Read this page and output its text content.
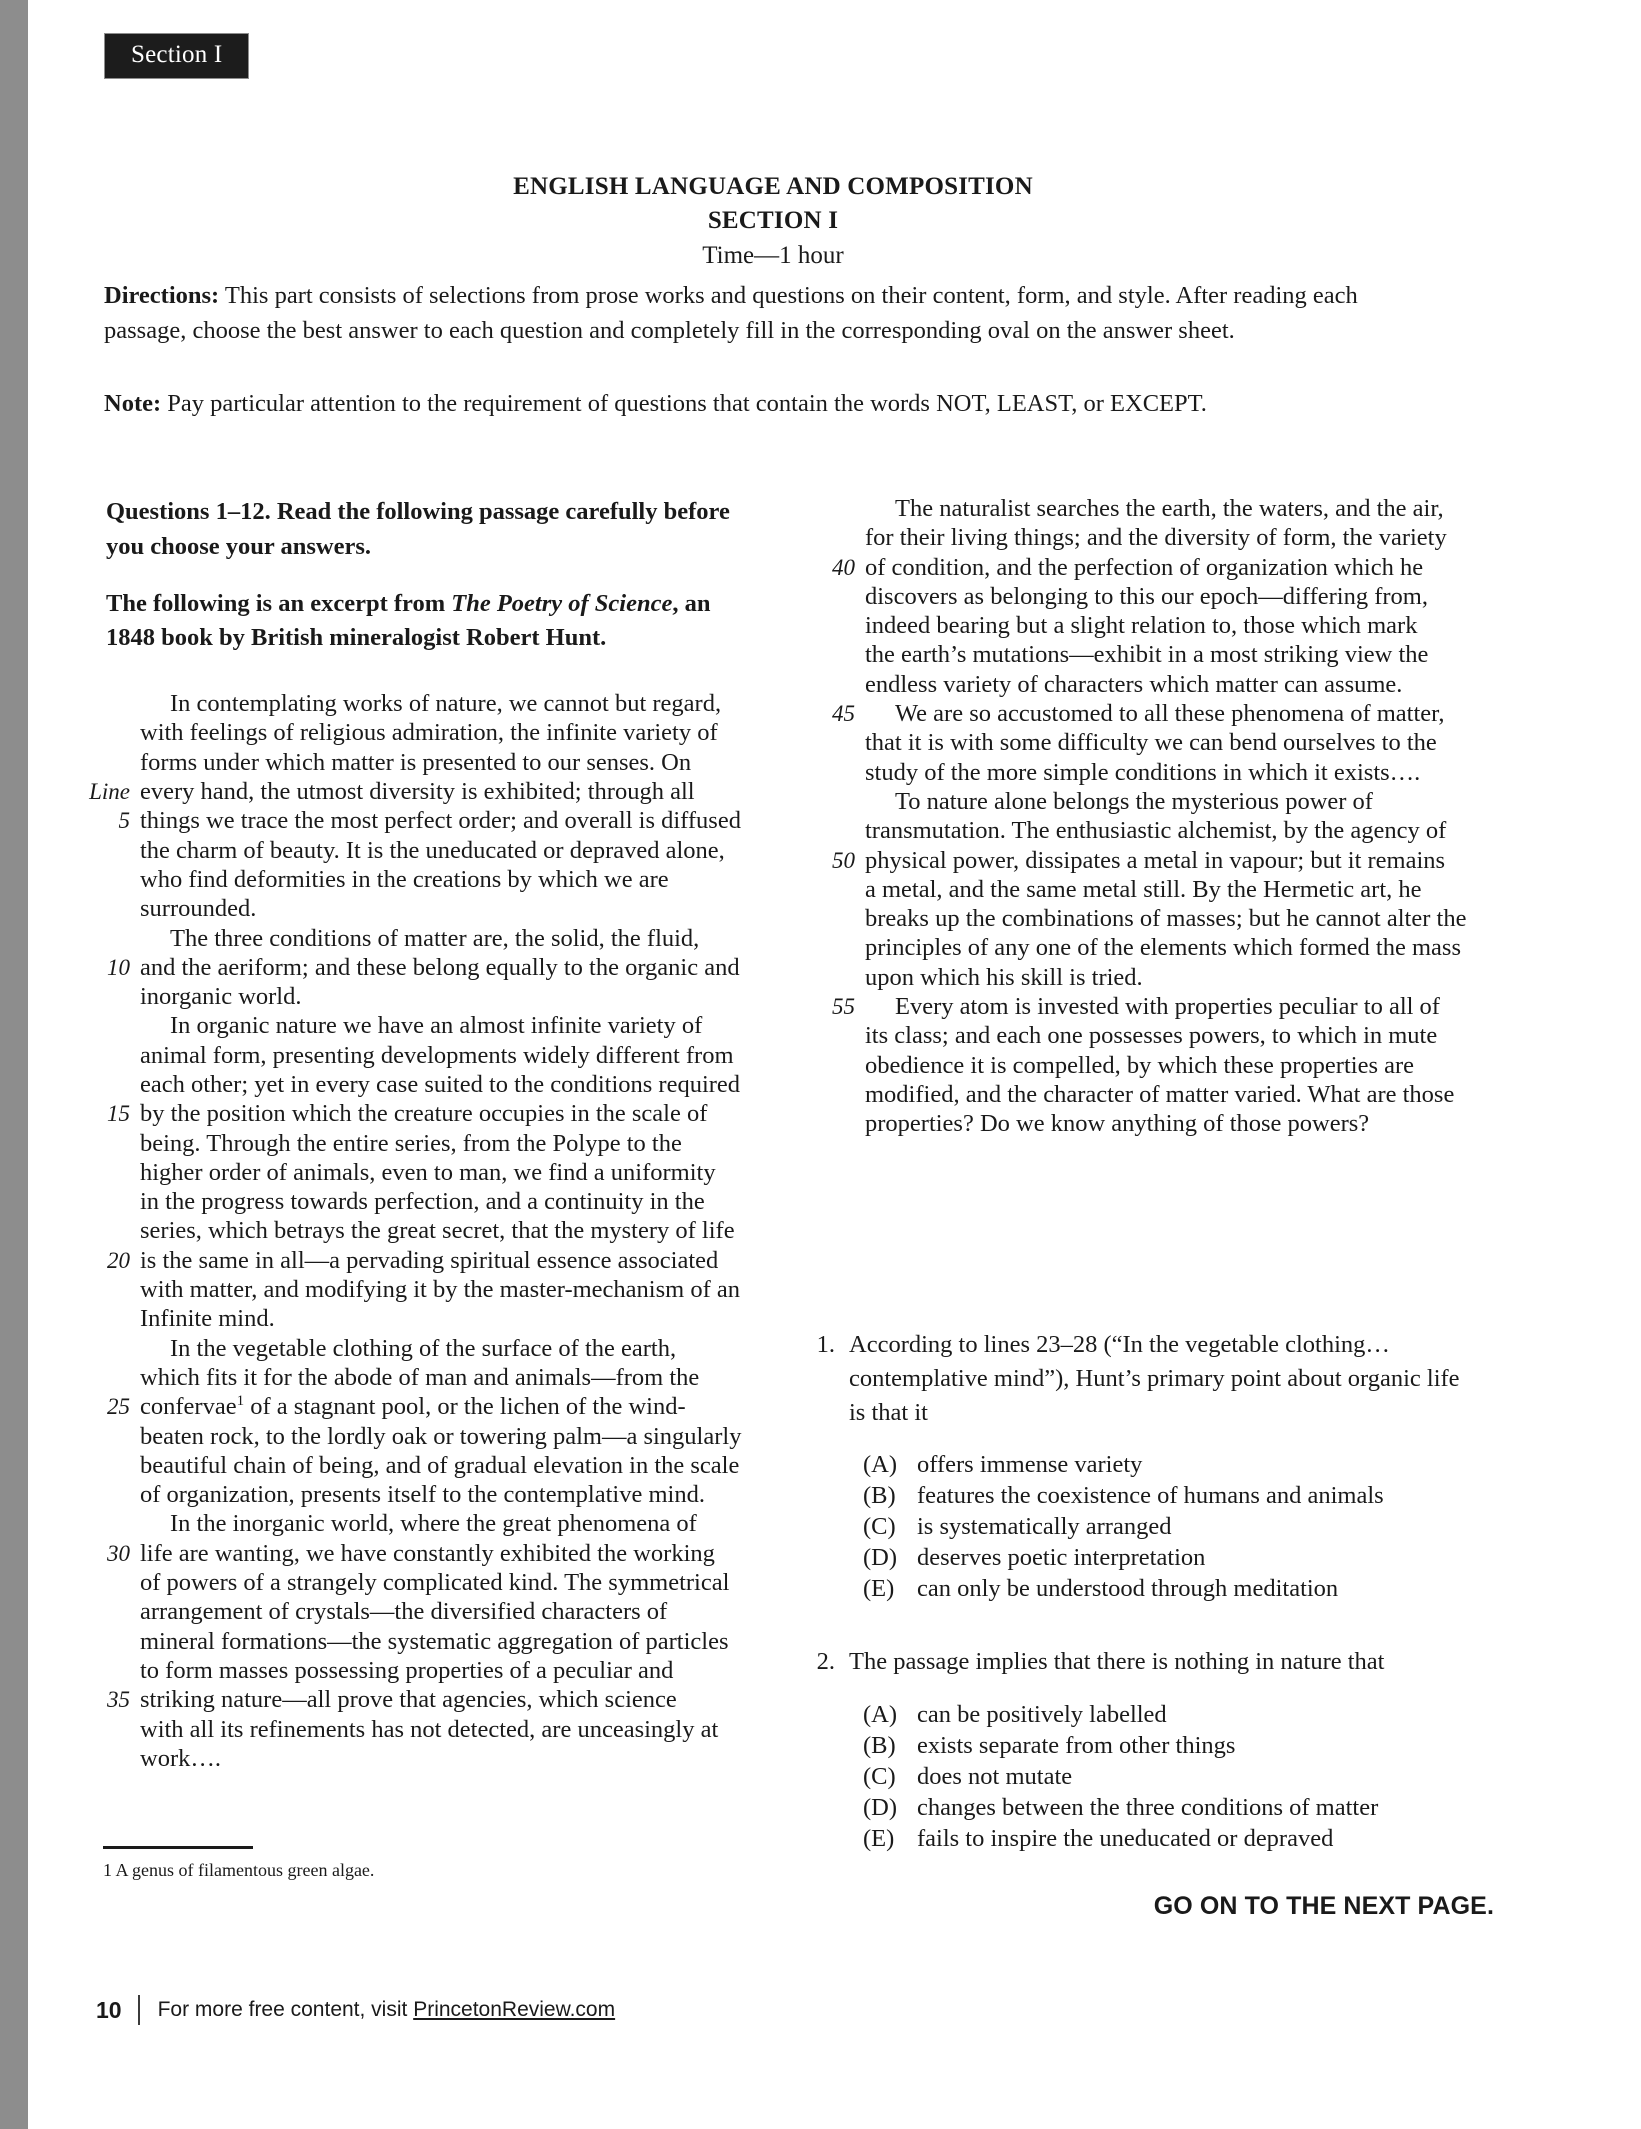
Section I
ENGLISH LANGUAGE AND COMPOSITION
SECTION I
Time—1 hour
Directions: This part consists of selections from prose works and questions on their content, form, and style. After reading each passage, choose the best answer to each question and completely fill in the corresponding oval on the answer sheet.
Note: Pay particular attention to the requirement of questions that contain the words NOT, LEAST, or EXCEPT.
Questions 1–12. Read the following passage carefully before you choose your answers.
The following is an excerpt from The Poetry of Science, an 1848 book by British mineralogist Robert Hunt.
In contemplating works of nature, we cannot but regard,
with feelings of religious admiration, the infinite variety of
forms under which matter is presented to our senses. On
Line every hand, the utmost diversity is exhibited; through all
5 things we trace the most perfect order; and overall is diffused
the charm of beauty. It is the uneducated or depraved alone,
who find deformities in the creations by which we are
surrounded.
The three conditions of matter are, the solid, the fluid,
10 and the aeriform; and these belong equally to the organic and
inorganic world.
In organic nature we have an almost infinite variety of
animal form, presenting developments widely different from
each other; yet in every case suited to the conditions required
15 by the position which the creature occupies in the scale of
being. Through the entire series, from the Polype to the
higher order of animals, even to man, we find a uniformity
in the progress towards perfection, and a continuity in the
series, which betrays the great secret, that the mystery of life
20 is the same in all—a pervading spiritual essence associated
with matter, and modifying it by the master-mechanism of an
Infinite mind.
In the vegetable clothing of the surface of the earth,
which fits it for the abode of man and animals—from the
25 confervae$^1$ of a stagnant pool, or the lichen of the wind-
beaten rock, to the lordly oak or towering palm—a singularly
beautiful chain of being, and of gradual elevation in the scale
of organization, presents itself to the contemplative mind.
In the inorganic world, where the great phenomena of
30 life are wanting, we have constantly exhibited the working
of powers of a strangely complicated kind. The symmetrical
arrangement of crystals—the diversified characters of
mineral formations—the systematic aggregation of particles
to form masses possessing properties of a peculiar and
35 striking nature—all prove that agencies, which science
with all its refinements has not detected, are unceasingly at
work….
The naturalist searches the earth, the waters, and the air,
for their living things; and the diversity of form, the variety
40 of condition, and the perfection of organization which he
discovers as belonging to this our epoch—differing from,
indeed bearing but a slight relation to, those which mark
the earth’s mutations—exhibit in a most striking view the
endless variety of characters which matter can assume.
45	We are so accustomed to all these phenomena of matter,
that it is with some difficulty we can bend ourselves to the
study of the more simple conditions in which it exists….
To nature alone belongs the mysterious power of
transmutation. The enthusiastic alchemist, by the agency of
50 physical power, dissipates a metal in vapour; but it remains
a metal, and the same metal still. By the Hermetic art, he
breaks up the combinations of masses; but he cannot alter the
principles of any one of the elements which formed the mass
upon which his skill is tried.
55	Every atom is invested with properties peculiar to all of
its class; and each one possesses powers, to which in mute
obedience it is compelled, by which these properties are
modified, and the character of matter varied. What are those
properties? Do we know anything of those powers?
1 A genus of filamentous green algae.
1. According to lines 23–28 (“In the vegetable clothing… contemplative mind”), Hunt’s primary point about organic life is that it
(A) offers immense variety
(B) features the coexistence of humans and animals
(C) is systematically arranged
(D) deserves poetic interpretation
(E) can only be understood through meditation
2. The passage implies that there is nothing in nature that
(A) can be positively labelled
(B) exists separate from other things
(C) does not mutate
(D) changes between the three conditions of matter
(E) fails to inspire the uneducated or depraved
GO ON TO THE NEXT PAGE.
10 For more free content, visit PrincetonReview.com
